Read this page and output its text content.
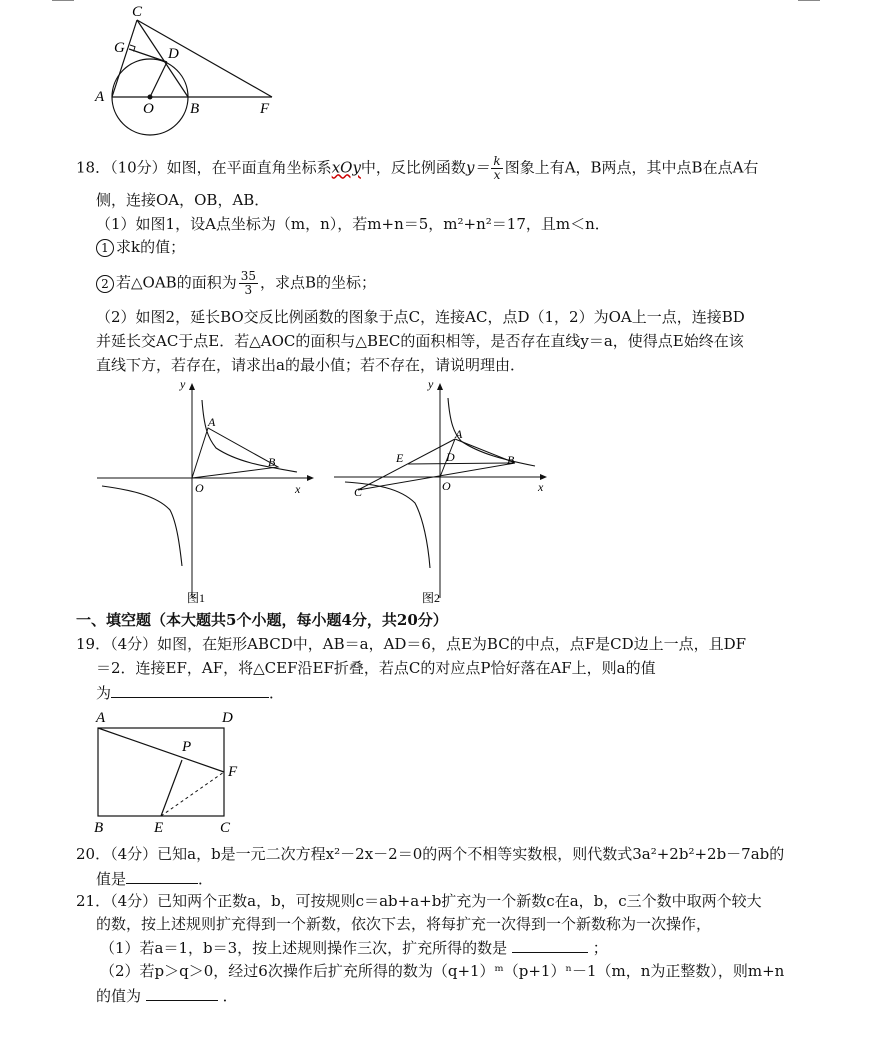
C
G	D
A
O B	F
18．（10分）如图，在平面直角坐标系xOy中，反比例函数$y= \frac{k}{x}$ 图象上有A，B两点，其中点B在点A右
侧，连接OA，OB，AB．
（1）如图1，设A点坐标为（m，n），若m+n＝5，m²+n²＝17，且m＜n．
1 求k的值；
2 若△OAB的面积为 $\frac{35}{3}$ ，求点B的坐标；
（2）如图2，延长BO交反比例函数的图象于点C，连接AC，点D（1，2）为OA上一点，连接BD
并延长交AC于点E．若△AOC的面积与△BEC的面积相等，是否存在直线y＝a，使得点E始终在该
直线下方，若存在，请求出a的最小值；若不存在，请说明理由．
y
A
B
O	x
图1
y
A
E	D	B
C	O	x
图2
一、填空题（本大题共5个小题，每小题4分，共20分）
19．（4分）如图，在矩形ABCD中，AB＝a，AD＝6，点E为BC的中点，点F是CD边上一点，且DF
＝2．连接EF，AF，将△CEF沿EF折叠，若点C的对应点P恰好落在AF上，则a的值
为	．
A	D
P
F
B	E	C
20．（4分）已知a，b是一元二次方程x²－2x－2＝0的两个不相等实数根，则代数式3a²+2b²+2b－7ab的
值是	．
21．（4分）已知两个正数a，b，可按规则c＝ab+a+b扩充为一个新数c在a，b，c三个数中取两个较大
的数，按上述规则扩充得到一个新数，依次下去，将每扩充一次得到一个新数称为一次操作，
（1）若a＝1，b＝3，按上述规则操作三次，扩充所得的数是	；
（2）若p＞q＞0，经过6次操作后扩充所得的数为（q+1）ᵐ（p+1）ⁿ－1（m，n为正整数），则m+n
的值为	．
